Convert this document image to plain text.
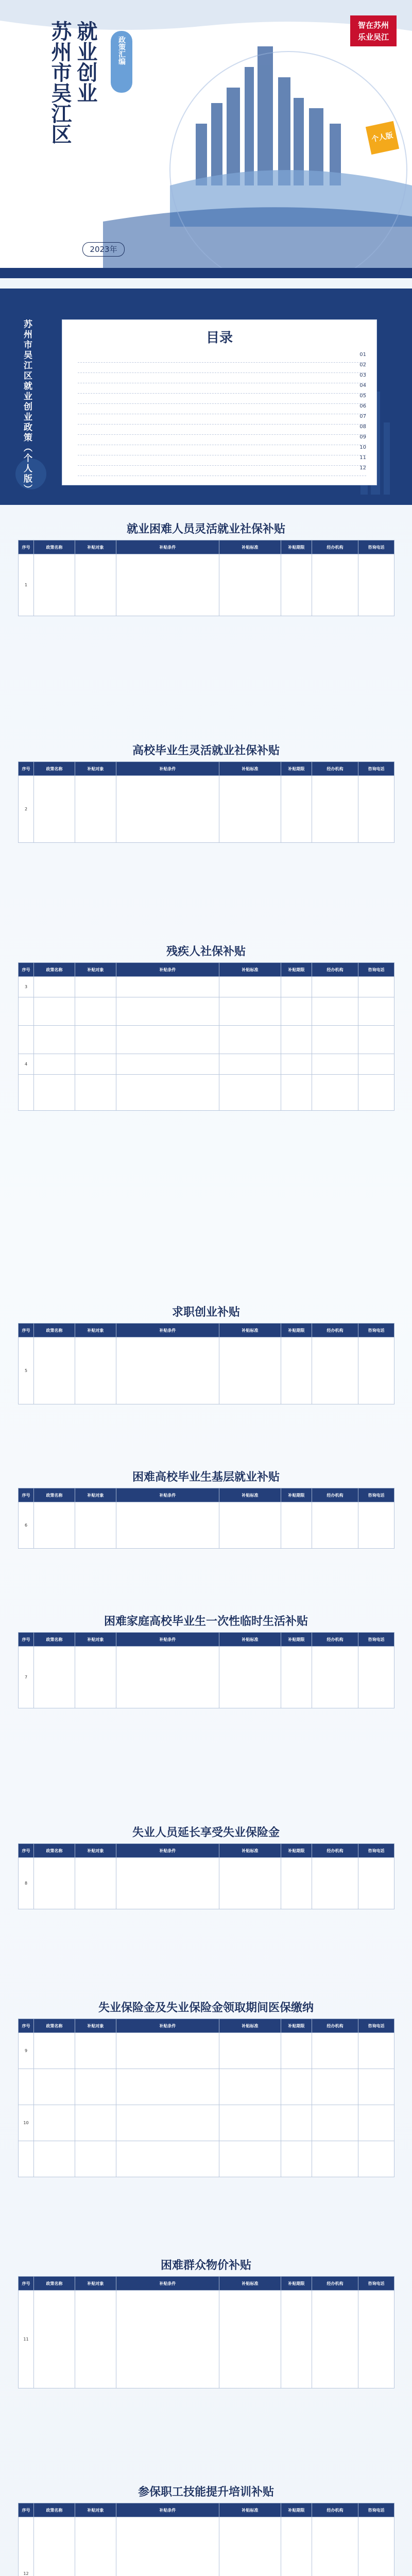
苏州市吴江区 就业创业	政策汇编
2023年
智在苏州
乐业吴江
个人版
苏州市吴江区就业创业政策（个人版）	目录
01
02
03
04
05
06
07
08
09
10
11
12
就业困难人员灵活就业社保补贴
序号	政策名称	补贴对象	补贴条件	补贴标准	补贴期限	经办机构	咨询电话
1							
高校毕业生灵活就业社保补贴
序号	政策名称	补贴对象	补贴条件	补贴标准	补贴期限	经办机构	咨询电话
2							
残疾人社保补贴
序号	政策名称	补贴对象	补贴条件	补贴标准	补贴期限	经办机构	咨询电话
3							

4							

求职创业补贴
序号	政策名称	补贴对象	补贴条件	补贴标准	补贴期限	经办机构	咨询电话
5							
困难高校毕业生基层就业补贴
序号	政策名称	补贴对象	补贴条件	补贴标准	补贴期限	经办机构	咨询电话
6							
困难家庭高校毕业生一次性临时生活补贴
序号	政策名称	补贴对象	补贴条件	补贴标准	补贴期限	经办机构	咨询电话
7							
失业人员延长享受失业保险金
序号	政策名称	补贴对象	补贴条件	补贴标准	补贴期限	经办机构	咨询电话
8							
失业保险金及失业保险金领取期间医保缴纳
序号	政策名称	补贴对象	补贴条件	补贴标准	补贴期限	经办机构	咨询电话
9							

10							

困难群众物价补贴
序号	政策名称	补贴对象	补贴条件	补贴标准	补贴期限	经办机构	咨询电话
11							
参保职工技能提升培训补贴
序号	政策名称	补贴对象	补贴条件	补贴标准	补贴期限	经办机构	咨询电话
12							
